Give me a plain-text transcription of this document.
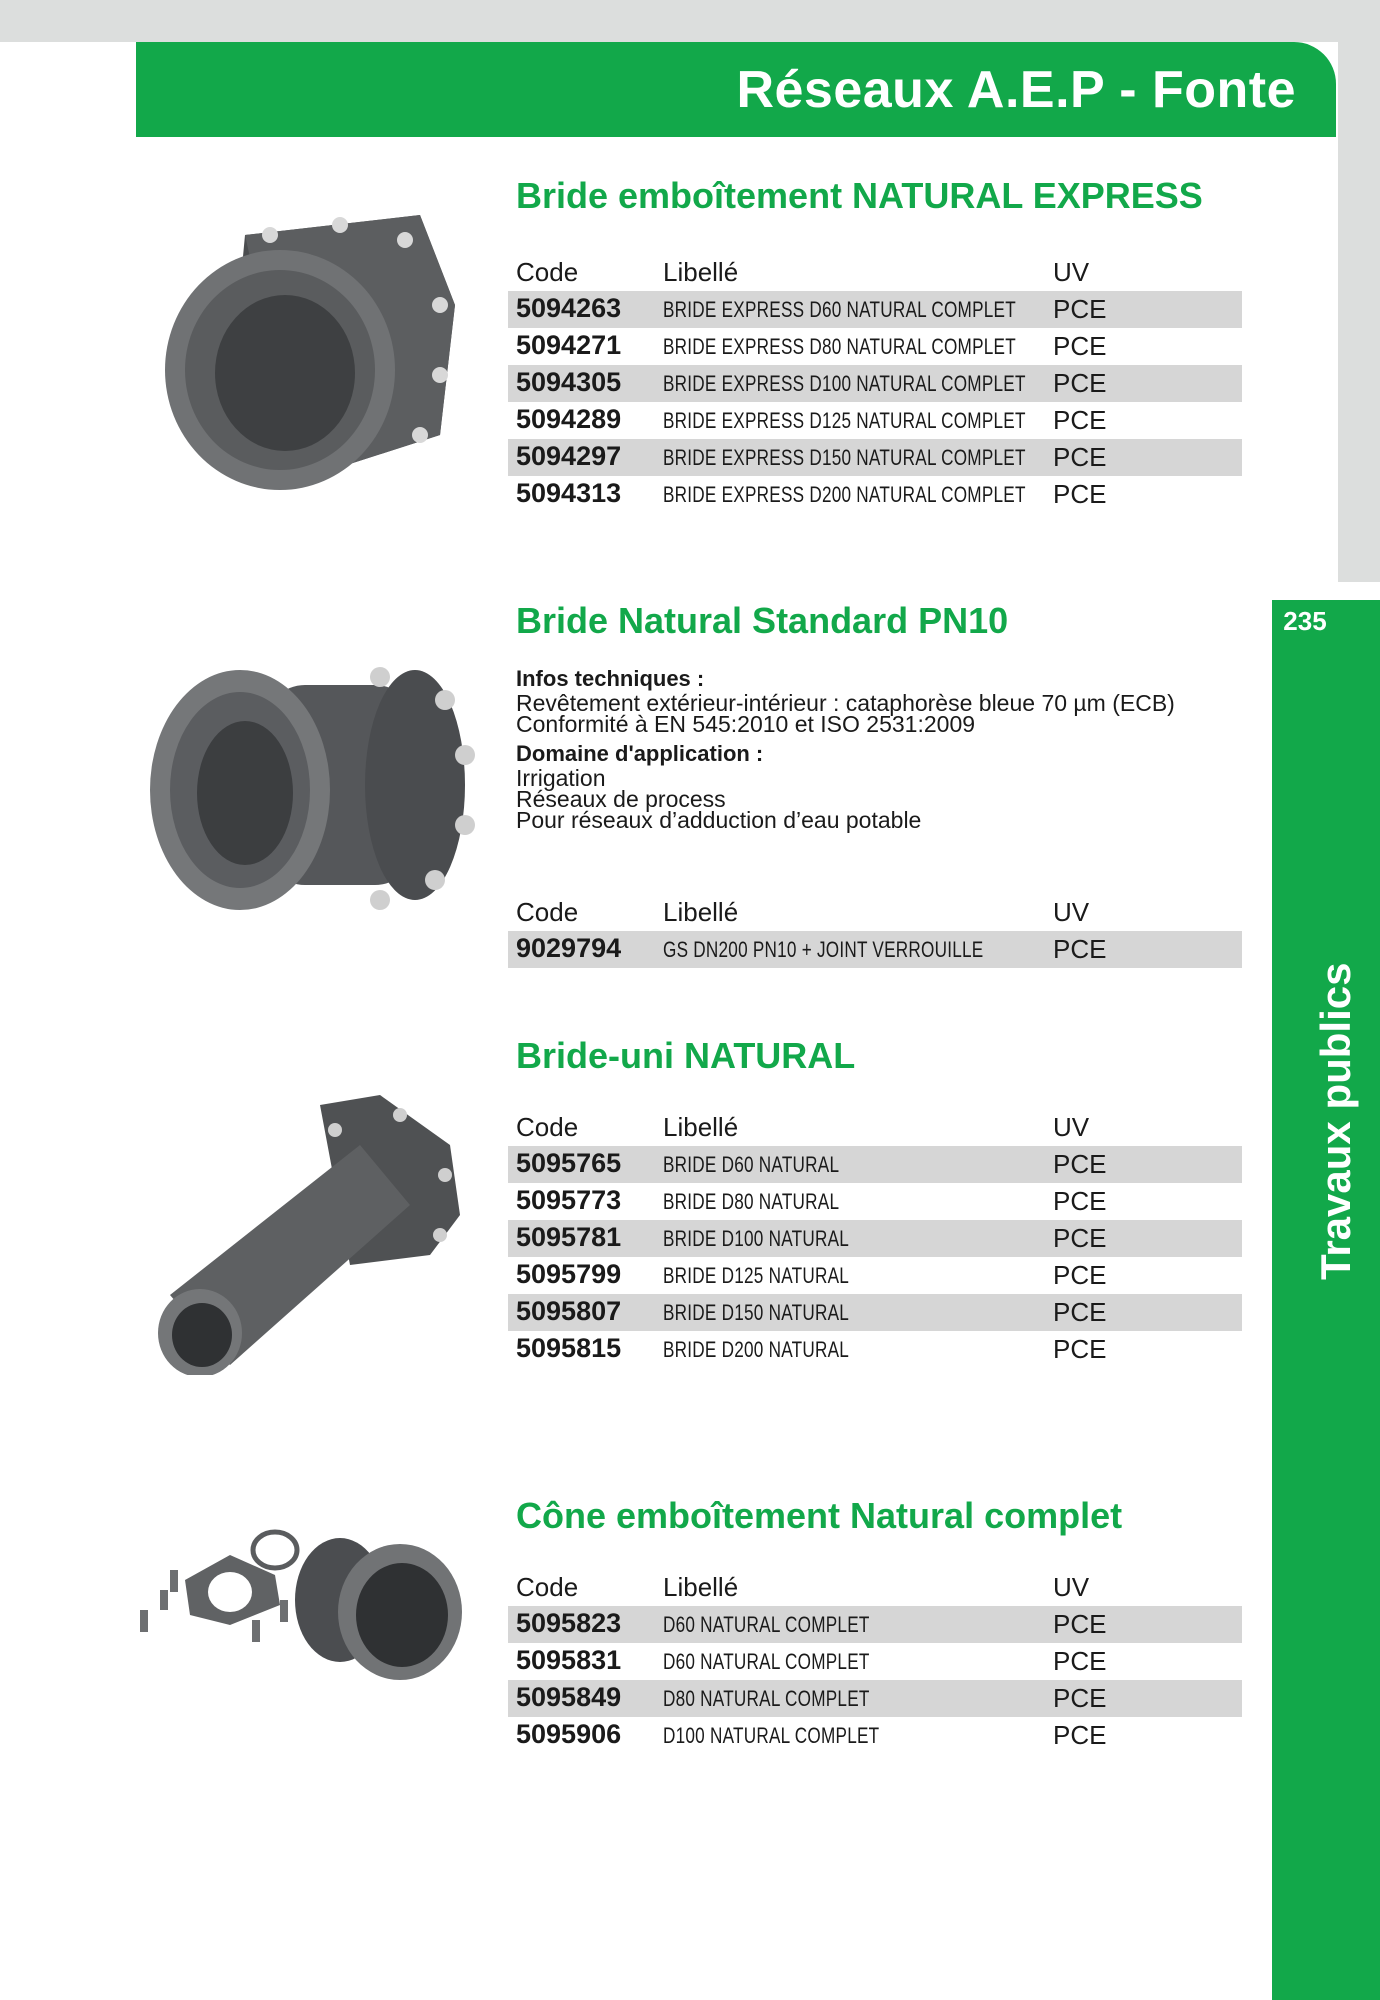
Réseaux A.E.P - Fonte
235
Travaux publics
Bride emboîtement NATURAL EXPRESS
Code	Libellé	UV
5094263 BRIDE EXPRESS D60 NATURAL COMPLET PCE
5094271 BRIDE EXPRESS D80 NATURAL COMPLET PCE
5094305 BRIDE EXPRESS D100 NATURAL COMPLET PCE
5094289 BRIDE EXPRESS D125 NATURAL COMPLET PCE
5094297 BRIDE EXPRESS D150 NATURAL COMPLET PCE
5094313 BRIDE EXPRESS D200 NATURAL COMPLET PCE
Bride Natural Standard PN10
Infos techniques :
Revêtement extérieur-intérieur : cataphorèse bleue 70 µm (ECB)
Conformité à EN 545:2010 et ISO 2531:2009
Domaine d'application :
Irrigation
Réseaux de process
Pour réseaux d’adduction d’eau potable
Code	Libellé	UV
9029794 GS DN200 PN10 + JOINT VERROUILLE	PCE
Bride-uni NATURAL
Code	Libellé	UV
5095765 BRIDE D60 NATURAL	PCE
5095773 BRIDE D80 NATURAL	PCE
5095781 BRIDE D100 NATURAL	PCE
5095799 BRIDE D125 NATURAL	PCE
5095807 BRIDE D150 NATURAL	PCE
5095815 BRIDE D200 NATURAL	PCE
Cône emboîtement Natural complet
Code	Libellé	UV
5095823 D60 NATURAL COMPLET	PCE
5095831 D60 NATURAL COMPLET	PCE
5095849 D80 NATURAL COMPLET	PCE
5095906 D100 NATURAL COMPLET	PCE
